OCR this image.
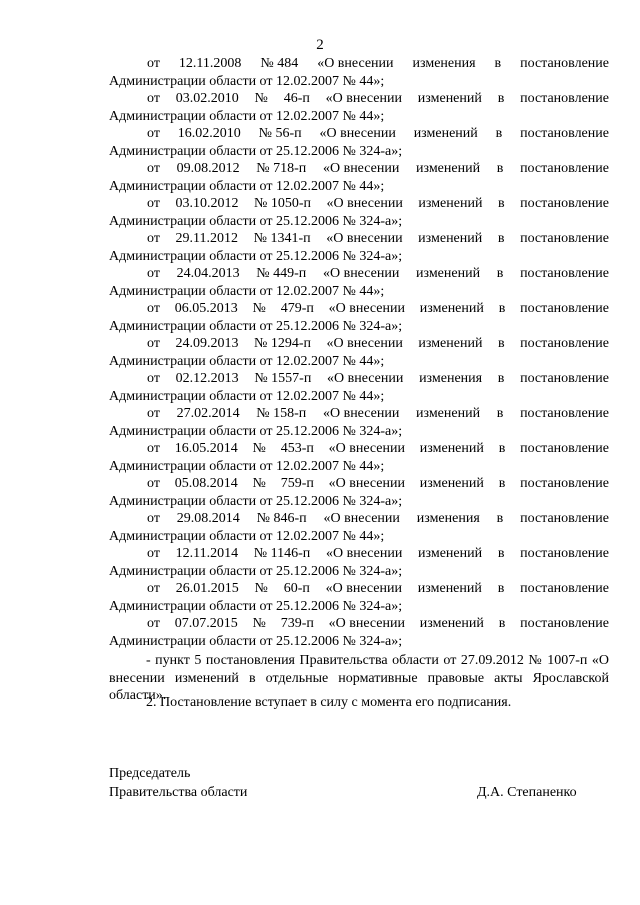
2
от 12.11.2008 № 484 «О внесении изменения в постановление
Администрации области от 12.02.2007 № 44»;
от 03.02.2010 № 46-п «О внесении изменений в постановление
Администрации области от 12.02.2007 № 44»;
от 16.02.2010 № 56-п «О внесении изменений в постановление
Администрации области от 25.12.2006 № 324-а»;
от 09.08.2012 № 718-п «О внесении изменений в постановление
Администрации области от 12.02.2007 № 44»;
от 03.10.2012 № 1050-п «О внесении изменений в постановление
Администрации области от 25.12.2006 № 324-а»;
от 29.11.2012 № 1341-п «О внесении изменений в постановление
Администрации области от 25.12.2006 № 324-а»;
от 24.04.2013 № 449-п «О внесении изменений в постановление
Администрации области от 12.02.2007 № 44»;
от 06.05.2013 № 479-п «О внесении изменений в постановление
Администрации области от 25.12.2006 № 324-а»;
от 24.09.2013 № 1294-п «О внесении изменений в постановление
Администрации области от 12.02.2007 № 44»;
от 02.12.2013 № 1557-п «О внесении изменения в постановление
Администрации области от 12.02.2007 № 44»;
от 27.02.2014 № 158-п «О внесении изменений в постановление
Администрации области от 25.12.2006 № 324-а»;
от 16.05.2014 № 453-п «О внесении изменений в постановление
Администрации области от 12.02.2007 № 44»;
от 05.08.2014 № 759-п «О внесении изменений в постановление
Администрации области от 25.12.2006 № 324-а»;
от 29.08.2014 № 846-п «О внесении изменения в постановление
Администрации области от 12.02.2007 № 44»;
от 12.11.2014 № 1146-п «О внесении изменений в постановление
Администрации области от 25.12.2006 № 324-а»;
от 26.01.2015 № 60-п «О внесении изменений в постановление
Администрации области от 25.12.2006 № 324-а»;
от 07.07.2015 № 739-п «О внесении изменений в постановление
Администрации области от 25.12.2006 № 324-а»;
- пункт 5 постановления Правительства области от 27.09.2012 № 1007-п «О внесении изменений в отдельные нормативные правовые акты Ярославской области».
2. Постановление вступает в силу с момента его подписания.
Председатель
Правительства области	Д.А. Степаненко
